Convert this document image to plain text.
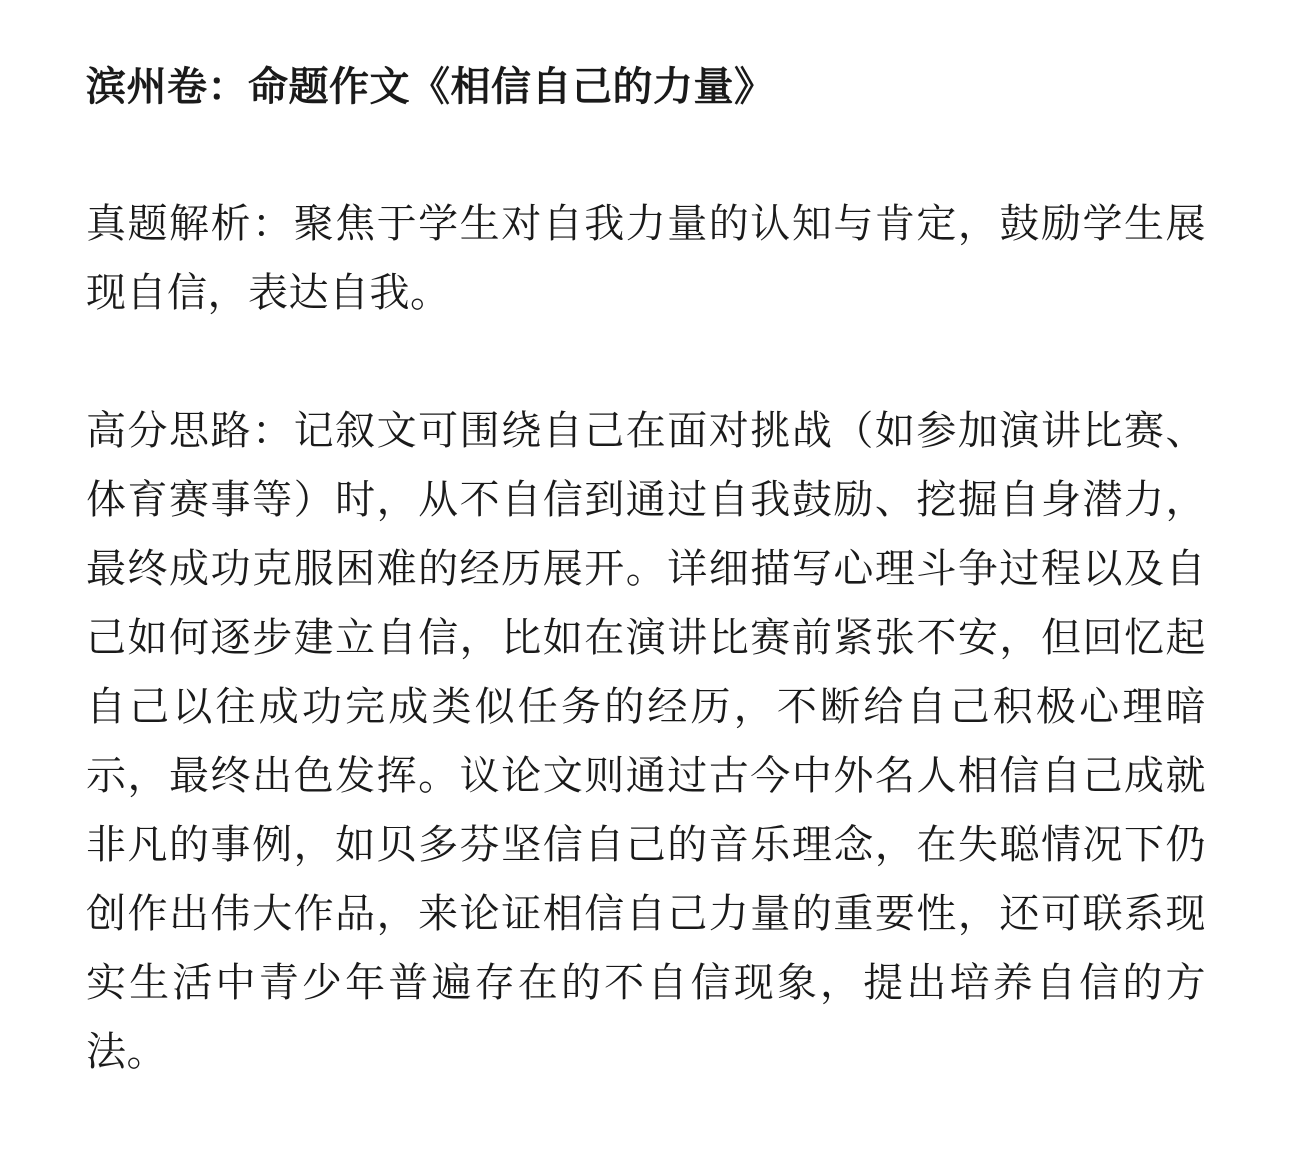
滨州卷：命题作文《相信自己的力量》

真题解析：聚焦于学生对自我力量的认知与肯定，鼓励学生展现自信，表达自我。

高分思路：记叙文可围绕自己在面对挑战（如参加演讲比赛、体育赛事等）时，从不自信到通过自我鼓励、挖掘自身潜力，最终成功克服困难的经历展开。详细描写心理斗争过程以及自己如何逐步建立自信，比如在演讲比赛前紧张不安，但回忆起自己以往成功完成类似任务的经历，不断给自己积极心理暗示，最终出色发挥。议论文则通过古今中外名人相信自己成就非凡的事例，如贝多芬坚信自己的音乐理念，在失聪情况下仍创作出伟大作品，来论证相信自己力量的重要性，还可联系现实生活中青少年普遍存在的不自信现象，提出培养自信的方法。
